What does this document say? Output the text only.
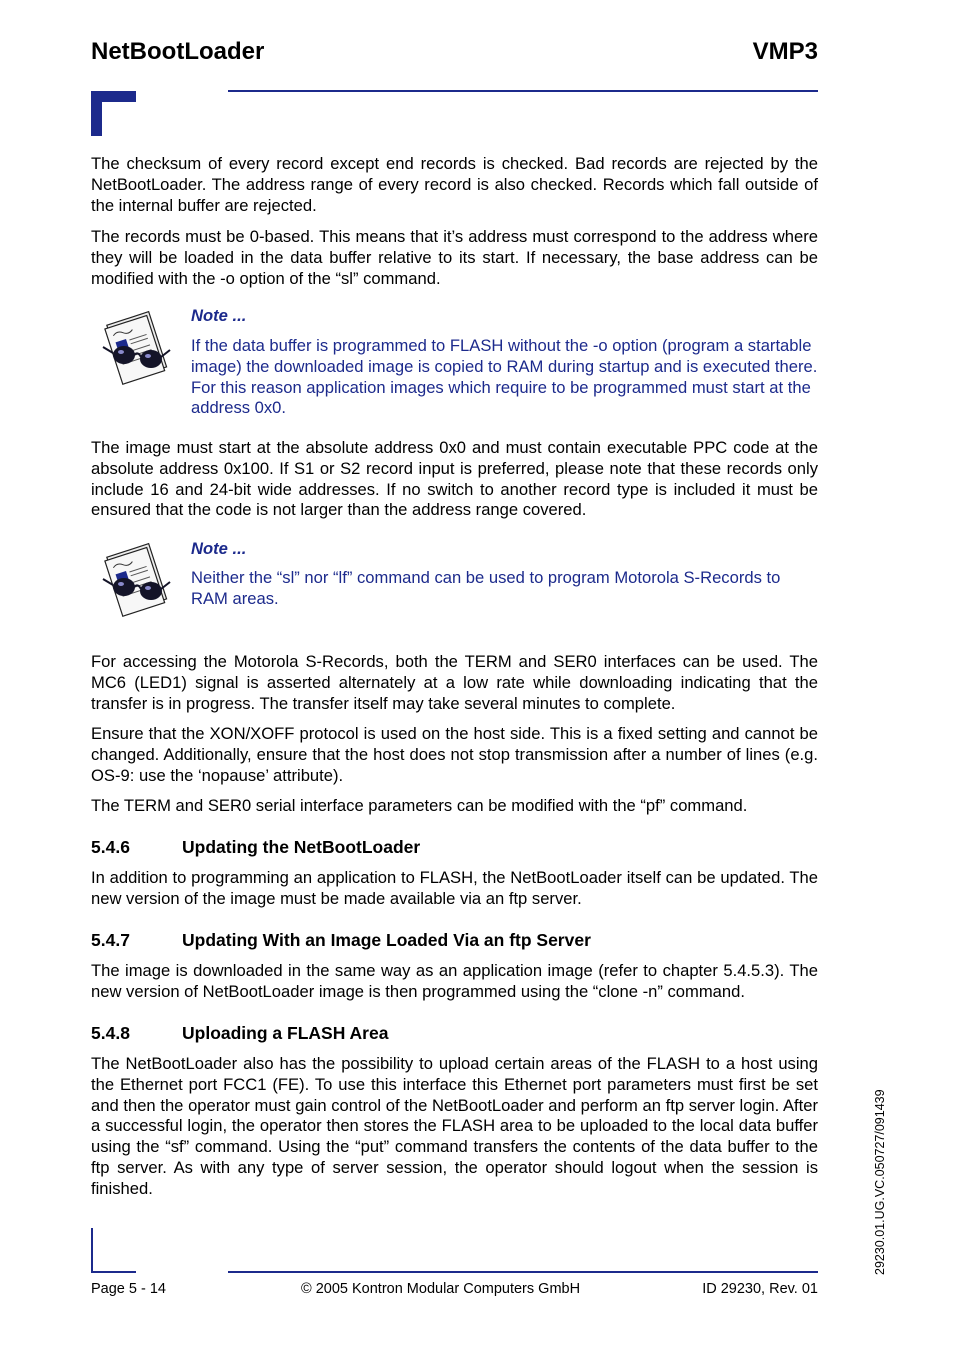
NetBootLoader	VMP3

The checksum of every record except end records is checked. Bad records are rejected by the NetBootLoader. The address range of every record is also checked. Records which fall outside of the internal buffer are rejected.

The records must be 0-based. This means that it’s address must correspond to the address where they will be loaded in the data buffer relative to its start. If necessary, the base address can be modified with the -o option of the “sl” command.

Note ...
If the data buffer is programmed to FLASH without the -o option (program a startable image) the downloaded image is copied to RAM during startup and is executed there. For this reason application images which require to be programmed must start at the address 0x0.

The image must start at the absolute address 0x0 and must contain executable PPC code at the absolute address 0x100. If S1 or S2 record input is preferred, please note that these records only include 16 and 24-bit wide addresses. If no switch to another record type is included it must be ensured that the code is not larger than the address range covered.

Note ...
Neither the “sl” nor “lf” command can be used to program Motorola S-Records to RAM areas.

For accessing the Motorola S-Records, both the TERM and SER0 interfaces can be used. The MC6 (LED1) signal is asserted alternately at a low rate while downloading indicating that the transfer is in progress. The transfer itself may take several minutes to complete.

Ensure that the XON/XOFF protocol is used on the host side. This is a fixed setting and cannot be changed. Additionally, ensure that the host does not stop transmission after a number of lines (e.g. OS-9: use the ‘nopause’ attribute).

The TERM and SER0 serial interface parameters can be modified with the “pf” command.

5.4.6	Updating the NetBootLoader

In addition to programming an application to FLASH, the NetBootLoader itself can be updated. The new version of the image must be made available via an ftp server.

5.4.7	Updating With an Image Loaded Via an ftp Server

The image is downloaded in the same way as an application image (refer to chapter 5.4.5.3). The new version of NetBootLoader image is then programmed using the “clone -n” command.

5.4.8	Uploading a FLASH Area

The NetBootLoader also has the possibility to upload certain areas of the FLASH to a host using the Ethernet port FCC1 (FE). To use this interface this Ethernet port parameters must first be set and then the operator must gain control of the NetBootLoader and perform an ftp server login. After a successful login, the operator then stores the FLASH area to be uploaded to the local data buffer using the “sf” command. Using the “put” command transfers the contents of the data buffer to the ftp server. As with any type of server session, the operator should logout when the session is finished.

Page 5 - 14	© 2005 Kontron Modular Computers GmbH	ID 29230, Rev. 01
29230.01.UG.VC.050727/091439
